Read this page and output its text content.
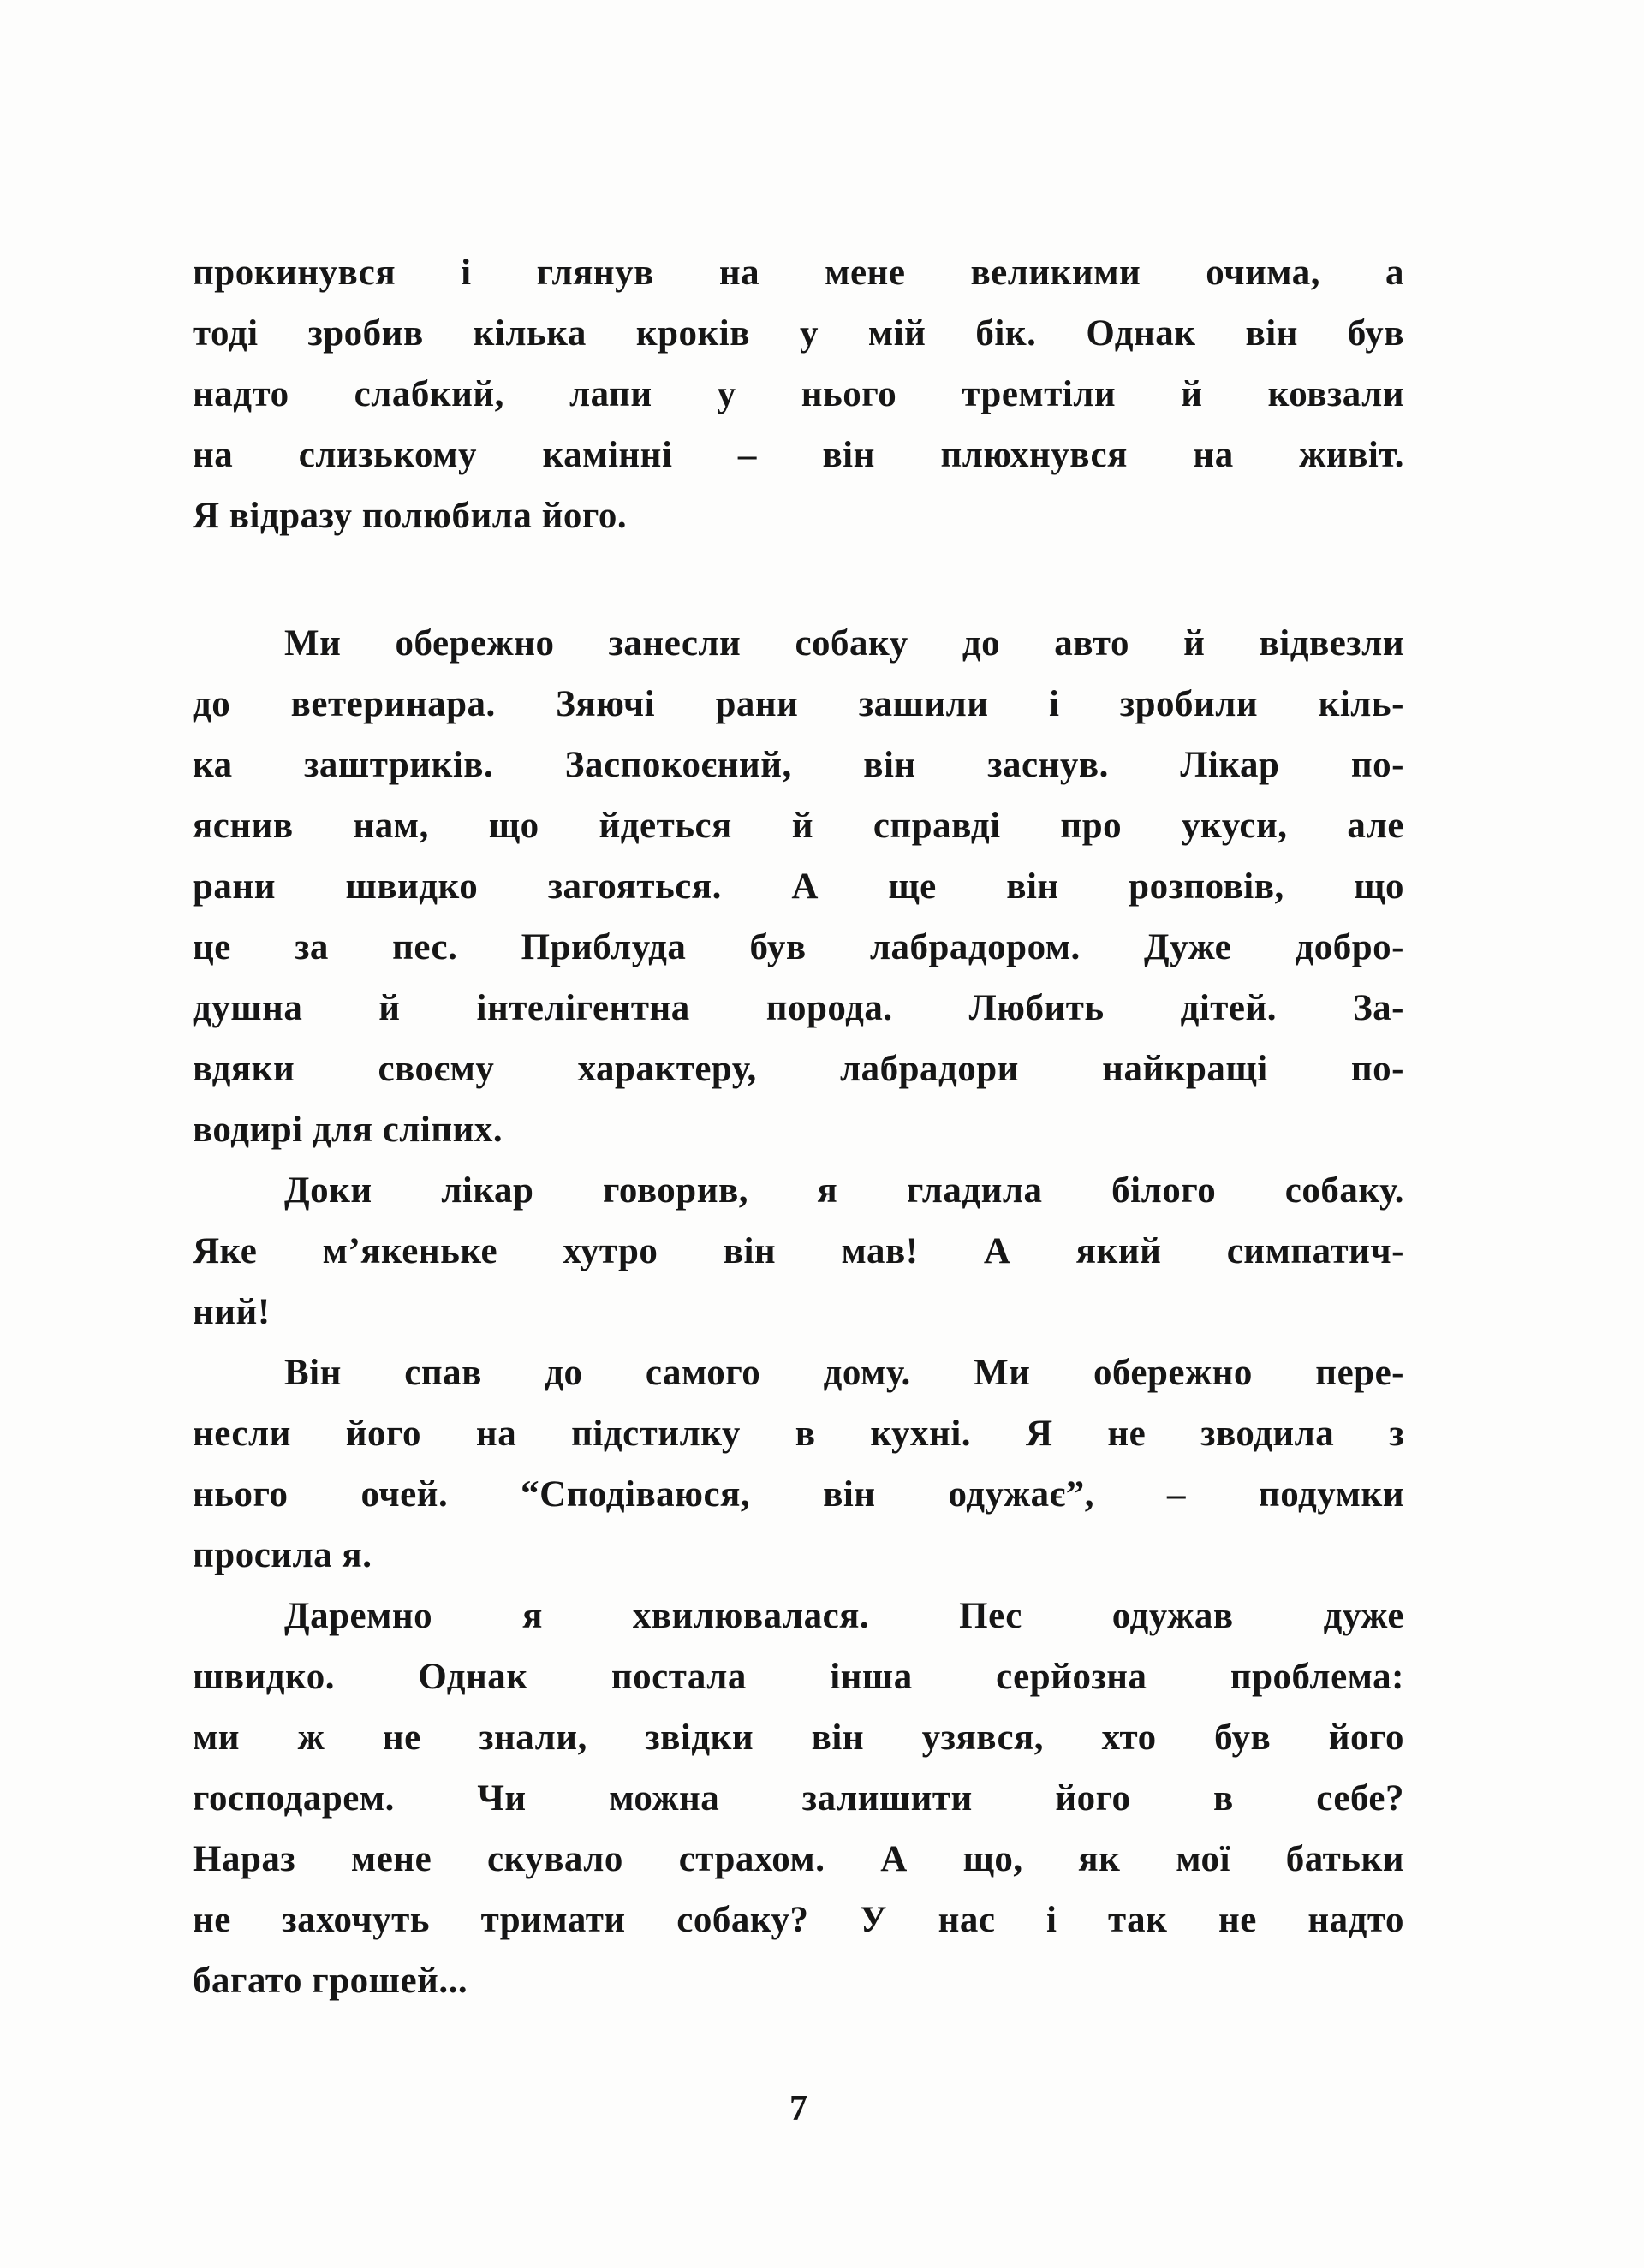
прокинувся і глянув на мене великими очима, а
тоді зробив кілька кроків у мій бік. Однак він був
надто слабкий, лапи у нього тремтіли й ковзали
на слизькому камінні – він плюхнувся на живіт.
Я відразу полюбила його.
Ми обережно занесли собаку до авто й відвезли
до ветеринара. Зяючі рани зашили і зробили кіль-
ка заштриків. Заспокоєний, він заснув. Лікар по-
яснив нам, що йдеться й справді про укуси, але
рани швидко загояться. А ще він розповів, що
це за пес. Приблуда був лабрадором. Дуже добро-
душна й інтелігентна порода. Любить дітей. За-
вдяки своєму характеру, лабрадори найкращі по-
водирі для сліпих.
Доки лікар говорив, я гладила білого собаку.
Яке м’якеньке хутро він мав! А який симпатич-
ний!
Він спав до самого дому. Ми обережно пере-
несли його на підстилку в кухні. Я не зводила з
нього очей. “Сподіваюся, він одужає”, – подумки
просила я.
Даремно я хвилювалася. Пес одужав дуже
швидко. Однак постала інша серйозна проблема:
ми ж не знали, звідки він узявся, хто був його
господарем. Чи можна залишити його в себе?
Нараз мене скувало страхом. А що, як мої батьки
не захочуть тримати собаку? У нас і так не надто
багато грошей...
7
